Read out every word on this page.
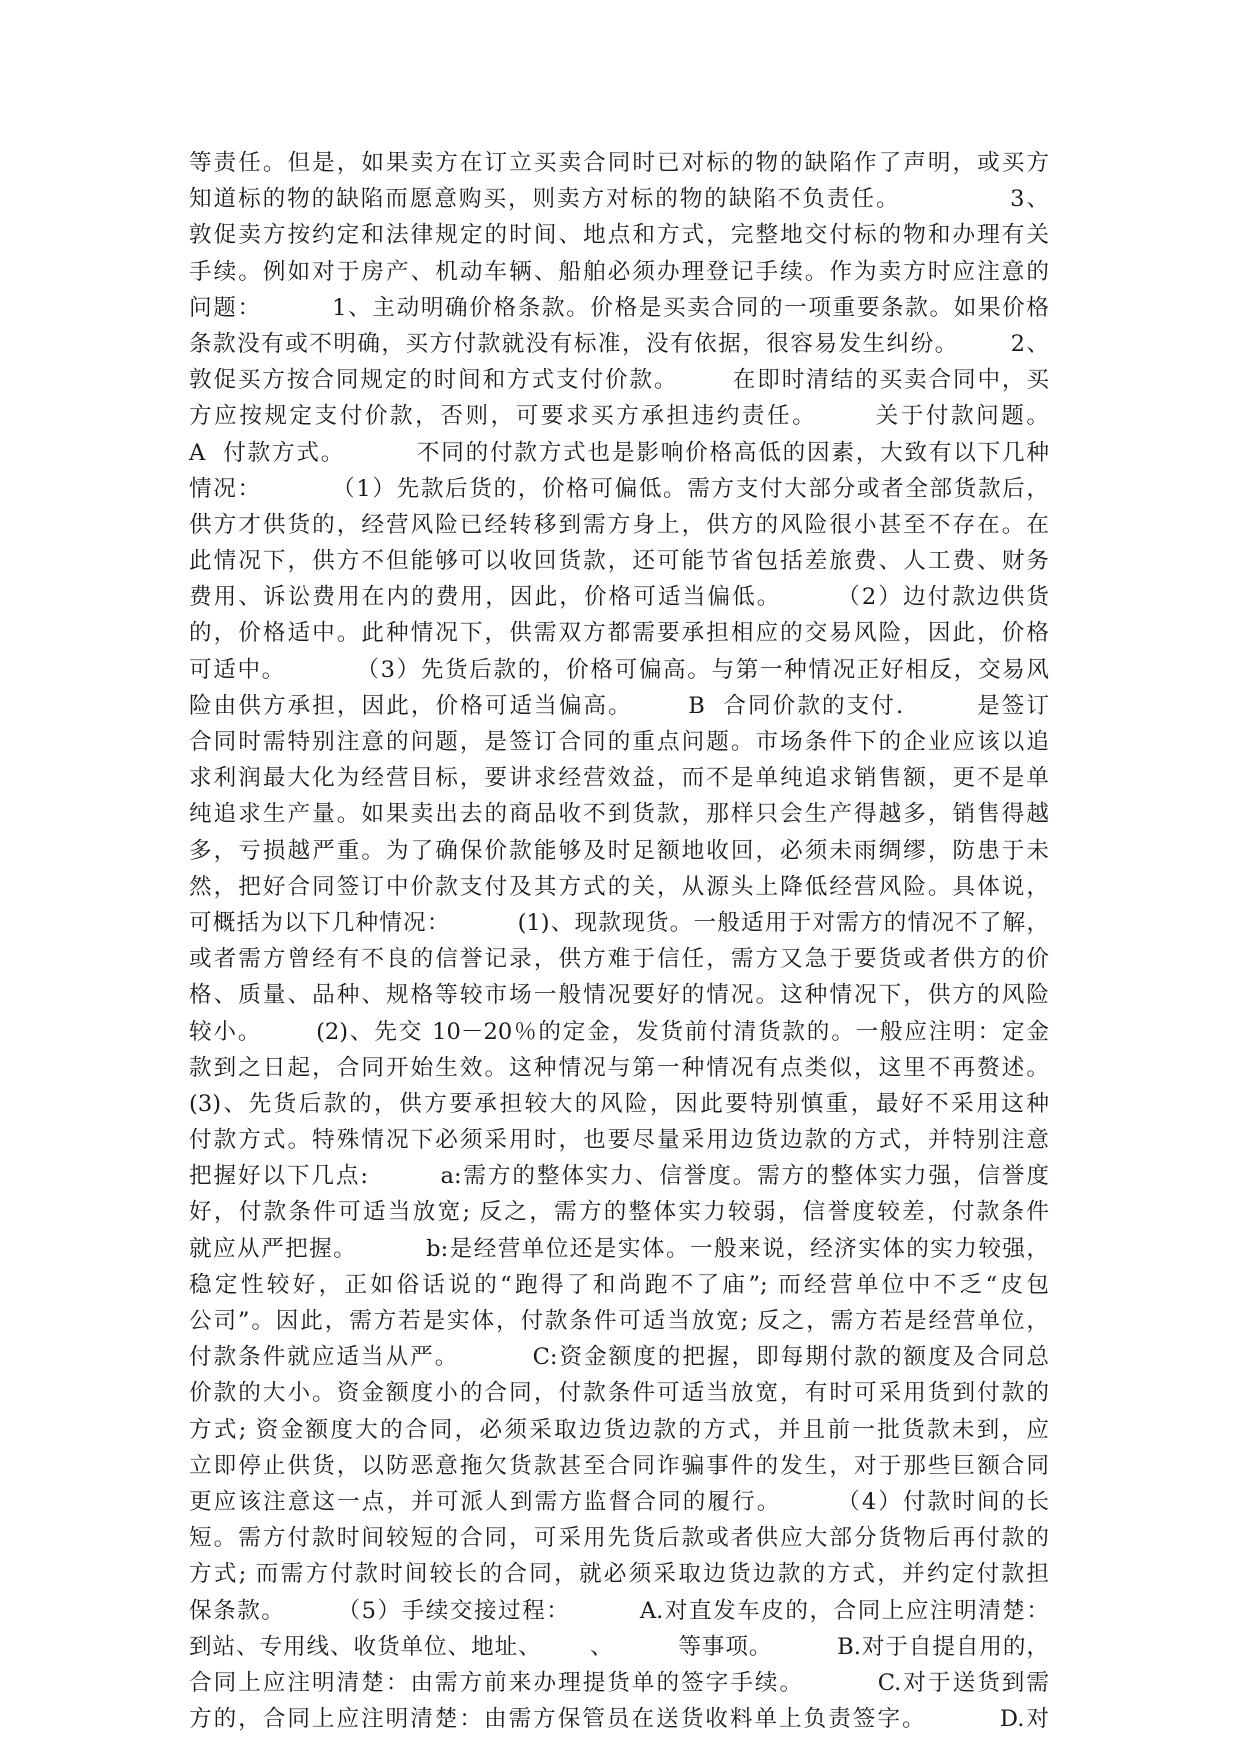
等责任。但是，如果卖方在订立买卖合同时已对标的物的缺陷作了声明，或买方
知道标的物的缺陷而愿意购买，则卖方对标的物的缺陷不负责任。            3、
敦促卖方按约定和法律规定的时间、地点和方式，完整地交付标的物和办理有关
手续。例如对于房产、机动车辆、船舶必须办理登记手续。作为卖方时应注意的
问题：        1、主动明确价格条款。价格是买卖合同的一项重要条款。如果价格
条款没有或不明确，买方付款就没有标准，没有依据，很容易发生纠纷。      2、
敦促买方按合同规定的时间和方式支付价款。      在即时清结的买卖合同中，买
方应按规定支付价款，否则，可要求买方承担违约责任。      关于付款问题。
A  付款方式。        不同的付款方式也是影响价格高低的因素，大致有以下几种
情况：        （1）先款后货的，价格可偏低。需方支付大部分或者全部货款后，
供方才供货的，经营风险已经转移到需方身上，供方的风险很小甚至不存在。在
此情况下，供方不但能够可以收回货款，还可能节省包括差旅费、人工费、财务
费用、诉讼费用在内的费用，因此，价格可适当偏低。      （2）边付款边供货
的，价格适中。此种情况下，供需双方都需要承担相应的交易风险，因此，价格
可适中。        （3）先货后款的，价格可偏高。与第一种情况正好相反，交易风
险由供方承担，因此，价格可适当偏高。      B  合同价款的支付.        是签订
合同时需特别注意的问题，是签订合同的重点问题。市场条件下的企业应该以追
求利润最大化为经营目标，要讲求经营效益，而不是单纯追求销售额，更不是单
纯追求生产量。如果卖出去的商品收不到货款，那样只会生产得越多，销售得越
多，亏损越严重。为了确保价款能够及时足额地收回，必须未雨绸缪，防患于未
然，把好合同签订中价款支付及其方式的关，从源头上降低经营风险。具体说，
可概括为以下几种情况：        (1)、现款现货。一般适用于对需方的情况不了解，
或者需方曾经有不良的信誉记录，供方难于信任，需方又急于要货或者供方的价
格、质量、品种、规格等较市场一般情况要好的情况。这种情况下，供方的风险
较小。      (2)、先交 10－20％的定金，发货前付清货款的。一般应注明：定金
款到之日起，合同开始生效。这种情况与第一种情况有点类似，这里不再赘述。
(3)、先货后款的，供方要承担较大的风险，因此要特别慎重，最好不采用这种
付款方式。特殊情况下必须采用时，也要尽量采用边货边款的方式，并特别注意
把握好以下几点:        a:需方的整体实力、信誉度。需方的整体实力强，信誉度
好，付款条件可适当放宽; 反之，需方的整体实力较弱，信誉度较差，付款条件
就应从严把握。        b:是经营单位还是实体。一般来说，经济实体的实力较强，
稳定性较好，正如俗话说的“跑得了和尚跑不了庙”; 而经营单位中不乏“皮包
公司”。因此，需方若是实体，付款条件可适当放宽; 反之，需方若是经营单位，
付款条件就应适当从严。        C:资金额度的把握，即每期付款的额度及合同总
价款的大小。资金额度小的合同，付款条件可适当放宽，有时可采用货到付款的
方式; 资金额度大的合同，必须采取边货边款的方式，并且前一批货款未到，应
立即停止供货，以防恶意拖欠货款甚至合同诈骗事件的发生，对于那些巨额合同
更应该注意这一点，并可派人到需方监督合同的履行。      （4）付款时间的长
短。需方付款时间较短的合同，可采用先货后款或者供应大部分货物后再付款的
方式; 而需方付款时间较长的合同，就必须采取边货边款的方式，并约定付款担
保条款。      （5）手续交接过程：        A.对直发车皮的，合同上应注明清楚：
到站、专用线、收货单位、地址、      、        等事项。        B.对于自提自用的，
合同上应注明清楚：由需方前来办理提货单的签字手续。        C.对于送货到需
方的，合同上应注明清楚：由需方保管员在送货收料单上负责签字。        D.对
